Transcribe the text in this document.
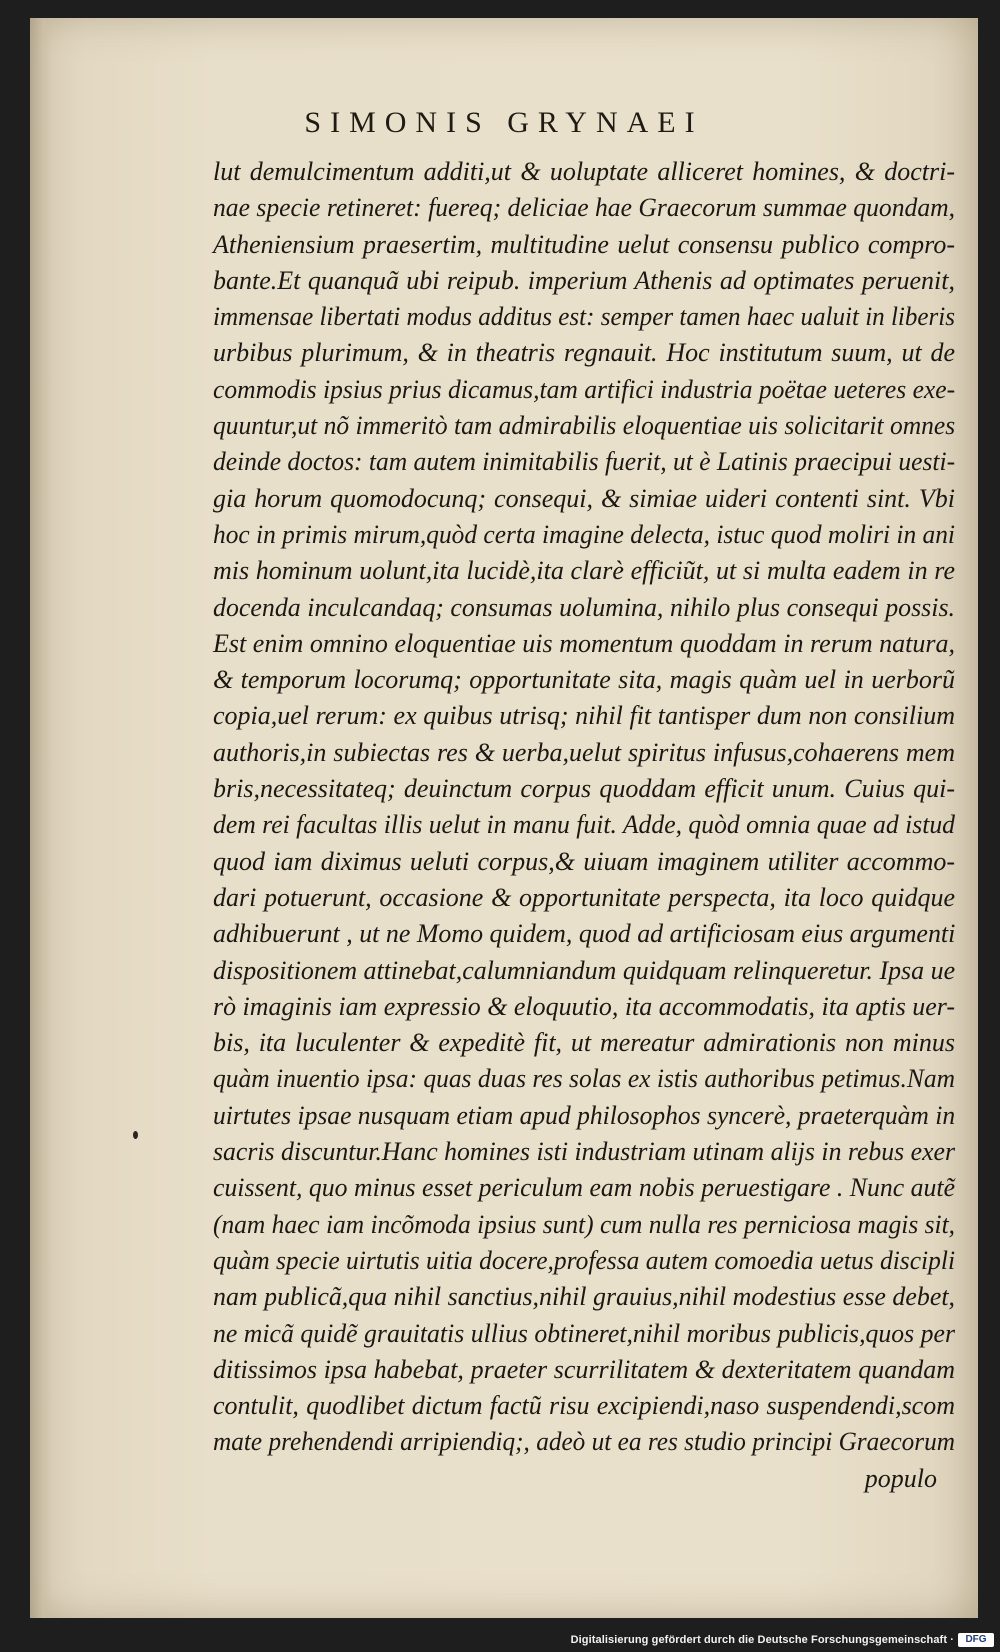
SIMONIS GRYNAEI
lut demulcimentum additi,ut & uoluptate alliceret homines, & doctri-
nae specie retineret: fuereq; deliciae hae Graecorum summae quondam,
Atheniensium praesertim, multitudine uelut consensu publico compro-
bante.Et quanquã ubi reipub. imperium Athenis ad optimates peruenit,
immensae libertati modus additus est: semper tamen haec ualuit in liberis
urbibus plurimum, & in theatris regnauit. Hoc institutum suum, ut de
commodis ipsius prius dicamus,tam artifici industria poëtae ueteres exe-
quuntur,ut nõ immeritò tam admirabilis eloquentiae uis solicitarit omnes
deinde doctos: tam autem inimitabilis fuerit, ut è Latinis praecipui uesti-
gia horum quomodocunq; consequi, & simiae uideri contenti sint. Vbi
hoc in primis mirum,quòd certa imagine delecta, istuc quod moliri in ani
mis hominum uolunt,ita lucidè,ita clarè efficiũt, ut si multa eadem in re
docenda inculcandaq; consumas uolumina, nihilo plus consequi possis.
Est enim omnino eloquentiae uis momentum quoddam in rerum natura,
& temporum locorumq; opportunitate sita, magis quàm uel in uerborũ
copia,uel rerum: ex quibus utrisq; nihil fit tantisper dum non consilium
authoris,in subiectas res & uerba,uelut spiritus infusus,cohaerens mem
bris,necessitateq; deuinctum corpus quoddam efficit unum. Cuius qui-
dem rei facultas illis uelut in manu fuit. Adde, quòd omnia quae ad istud
quod iam diximus ueluti corpus,& uiuam imaginem utiliter accommo-
dari potuerunt, occasione & opportunitate perspecta, ita loco quidque
adhibuerunt , ut ne Momo quidem, quod ad artificiosam eius argumenti
dispositionem attinebat,calumniandum quidquam relinqueretur. Ipsa ue
rò imaginis iam expressio & eloquutio, ita accommodatis, ita aptis uer-
bis, ita luculenter & expeditè fit, ut mereatur admirationis non minus
quàm inuentio ipsa: quas duas res solas ex istis authoribus petimus.Nam
uirtutes ipsae nusquam etiam apud philosophos syncerè, praeterquàm in
sacris discuntur.Hanc homines isti industriam utinam alijs in rebus exer
cuissent, quo minus esset periculum eam nobis peruestigare . Nunc autẽ
(nam haec iam incõmoda ipsius sunt) cum nulla res perniciosa magis sit,
quàm specie uirtutis uitia docere,professa autem comoedia uetus discipli
nam publicã,qua nihil sanctius,nihil grauius,nihil modestius esse debet,
ne micã quidẽ grauitatis ullius obtineret,nihil moribus publicis,quos per
ditissimos ipsa habebat, praeter scurrilitatem & dexteritatem quandam
contulit, quodlibet dictum factũ risu excipiendi,naso suspendendi,scom
mate prehendendi arripiendiq;, adeò ut ea res studio principi Graecorum
populo
Digitalisierung gefördert durch die Deutsche Forschungsgemeinschaft ·	DFG
